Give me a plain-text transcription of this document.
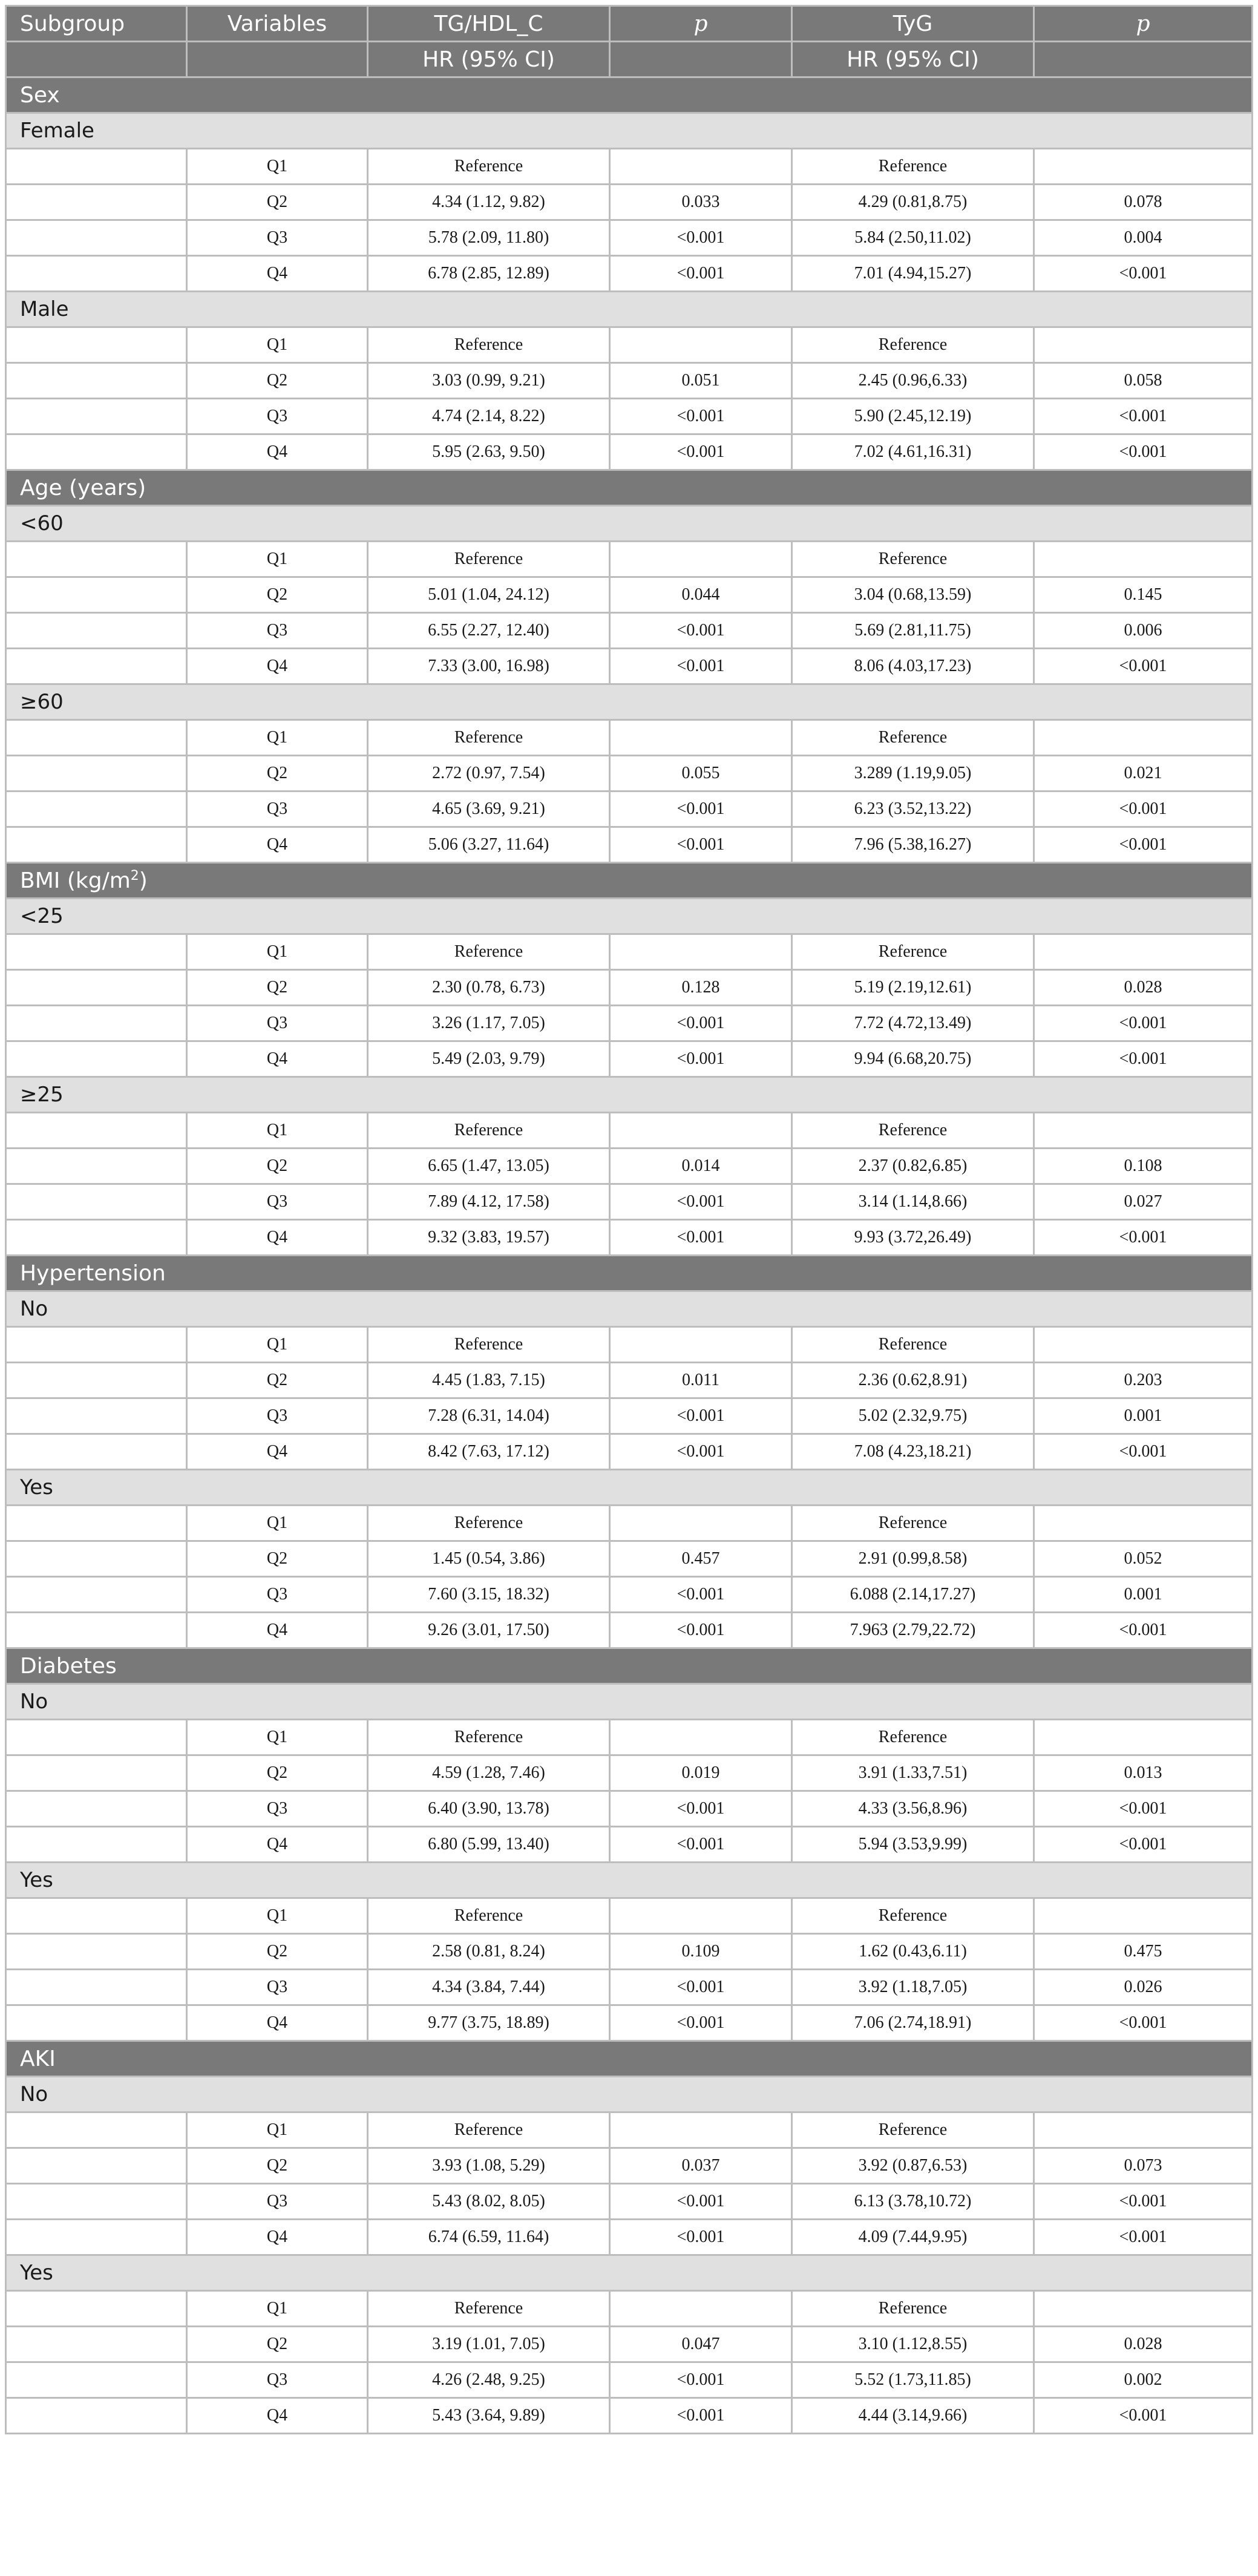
Subgroup	Variables	TG/HDL_C	p	TyG	p
		HR (95% CI)		HR (95% CI)	
Sex					
Female					
	Q1	Reference		Reference	
	Q2	4.34 (1.12, 9.82)	0.033	4.29 (0.81,8.75)	0.078
	Q3	5.78 (2.09, 11.80)	<0.001	5.84 (2.50,11.02)	0.004
	Q4	6.78 (2.85, 12.89)	<0.001	7.01 (4.94,15.27)	<0.001
Male					
	Q1	Reference		Reference	
	Q2	3.03 (0.99, 9.21)	0.051	2.45 (0.96,6.33)	0.058
	Q3	4.74 (2.14, 8.22)	<0.001	5.90 (2.45,12.19)	<0.001
	Q4	5.95 (2.63, 9.50)	<0.001	7.02 (4.61,16.31)	<0.001
Age (years)					
<60					
	Q1	Reference		Reference	
	Q2	5.01 (1.04, 24.12)	0.044	3.04 (0.68,13.59)	0.145
	Q3	6.55 (2.27, 12.40)	<0.001	5.69 (2.81,11.75)	0.006
	Q4	7.33 (3.00, 16.98)	<0.001	8.06 (4.03,17.23)	<0.001
≥60					
	Q1	Reference		Reference	
	Q2	2.72 (0.97, 7.54)	0.055	3.289 (1.19,9.05)	0.021
	Q3	4.65 (3.69, 9.21)	<0.001	6.23 (3.52,13.22)	<0.001
	Q4	5.06 (3.27, 11.64)	<0.001	7.96 (5.38,16.27)	<0.001
BMI $(kg/m^2)$					
<25					
	Q1	Reference		Reference	
	Q2	2.30 (0.78, 6.73)	0.128	5.19 (2.19,12.61)	0.028
	Q3	3.26 (1.17, 7.05)	<0.001	7.72 (4.72,13.49)	<0.001
	Q4	5.49 (2.03, 9.79)	<0.001	9.94 (6.68,20.75)	<0.001
≥25					
	Q1	Reference		Reference	
	Q2	6.65 (1.47, 13.05)	0.014	2.37 (0.82,6.85)	0.108
	Q3	7.89 (4.12, 17.58)	<0.001	3.14 (1.14,8.66)	0.027
	Q4	9.32 (3.83, 19.57)	<0.001	9.93 (3.72,26.49)	<0.001
Hypertension					
No					
	Q1	Reference		Reference	
	Q2	4.45 (1.83, 7.15)	0.011	2.36 (0.62,8.91)	0.203
	Q3	7.28 (6.31, 14.04)	<0.001	5.02 (2.32,9.75)	0.001
	Q4	8.42 (7.63, 17.12)	<0.001	7.08 (4.23,18.21)	<0.001
Yes					
	Q1	Reference		Reference	
	Q2	1.45 (0.54, 3.86)	0.457	2.91 (0.99,8.58)	0.052
	Q3	7.60 (3.15, 18.32)	<0.001	6.088 (2.14,17.27)	0.001
	Q4	9.26 (3.01, 17.50)	<0.001	7.963 (2.79,22.72)	<0.001
Diabetes					
No					
	Q1	Reference		Reference	
	Q2	4.59 (1.28, 7.46)	0.019	3.91 (1.33,7.51)	0.013
	Q3	6.40 (3.90, 13.78)	<0.001	4.33 (3.56,8.96)	<0.001
	Q4	6.80 (5.99, 13.40)	<0.001	5.94 (3.53,9.99)	<0.001
Yes					
	Q1	Reference		Reference	
	Q2	2.58 (0.81, 8.24)	0.109	1.62 (0.43,6.11)	0.475
	Q3	4.34 (3.84, 7.44)	<0.001	3.92 (1.18,7.05)	0.026
	Q4	9.77 (3.75, 18.89)	<0.001	7.06 (2.74,18.91)	<0.001
AKI					
No					
	Q1	Reference		Reference	
	Q2	3.93 (1.08, 5.29)	0.037	3.92 (0.87,6.53)	0.073
	Q3	5.43 (8.02, 8.05)	<0.001	6.13 (3.78,10.72)	<0.001
	Q4	6.74 (6.59, 11.64)	<0.001	4.09 (7.44,9.95)	<0.001
Yes					
	Q1	Reference		Reference	
	Q2	3.19 (1.01, 7.05)	0.047	3.10 (1.12,8.55)	0.028
	Q3	4.26 (2.48, 9.25)	<0.001	5.52 (1.73,11.85)	0.002
	Q4	5.43 (3.64, 9.89)	<0.001	4.44 (3.14,9.66)	<0.001
